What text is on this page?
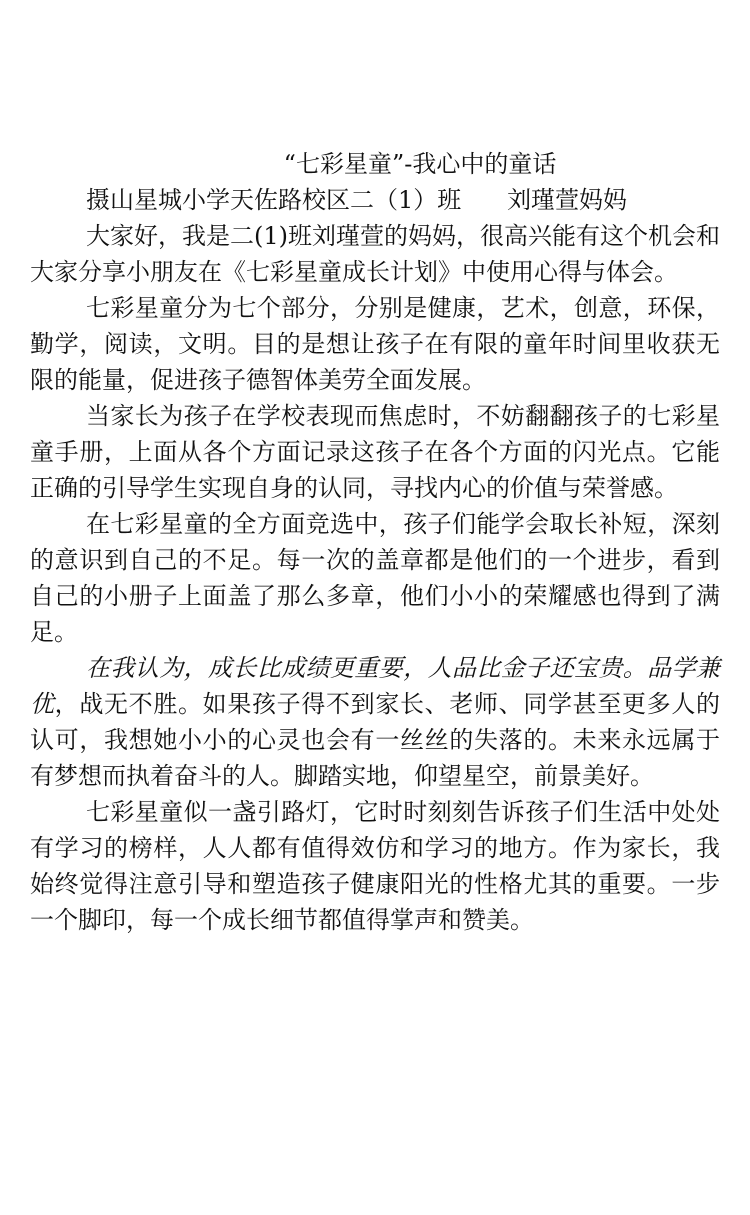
“七彩星童”-我心中的童话

摄山星城小学天佐路校区二（1）班 刘瑾萱妈妈

大家好，我是二(1)班刘瑾萱的妈妈，很高兴能有这个机会和大家分享小朋友在《七彩星童成长计划》中使用心得与体会。

七彩星童分为七个部分，分别是健康，艺术，创意，环保，勤学，阅读，文明。目的是想让孩子在有限的童年时间里收获无限的能量，促进孩子德智体美劳全面发展。

当家长为孩子在学校表现而焦虑时，不妨翻翻孩子的七彩星童手册，上面从各个方面记录这孩子在各个方面的闪光点。它能正确的引导学生实现自身的认同，寻找内心的价值与荣誉感。

在七彩星童的全方面竞选中，孩子们能学会取长补短，深刻的意识到自己的不足。每一次的盖章都是他们的一个进步，看到自己的小册子上面盖了那么多章，他们小小的荣耀感也得到了满足。

在我认为，成长比成绩更重要，人品比金子还宝贵。品学兼优，战无不胜。如果孩子得不到家长、老师、同学甚至更多人的认可，我想她小小的心灵也会有一丝丝的失落的。未来永远属于有梦想而执着奋斗的人。脚踏实地，仰望星空，前景美好。

七彩星童似一盏引路灯，它时时刻刻告诉孩子们生活中处处有学习的榜样，人人都有值得效仿和学习的地方。作为家长，我始终觉得注意引导和塑造孩子健康阳光的性格尤其的重要。一步一个脚印，每一个成长细节都值得掌声和赞美。
